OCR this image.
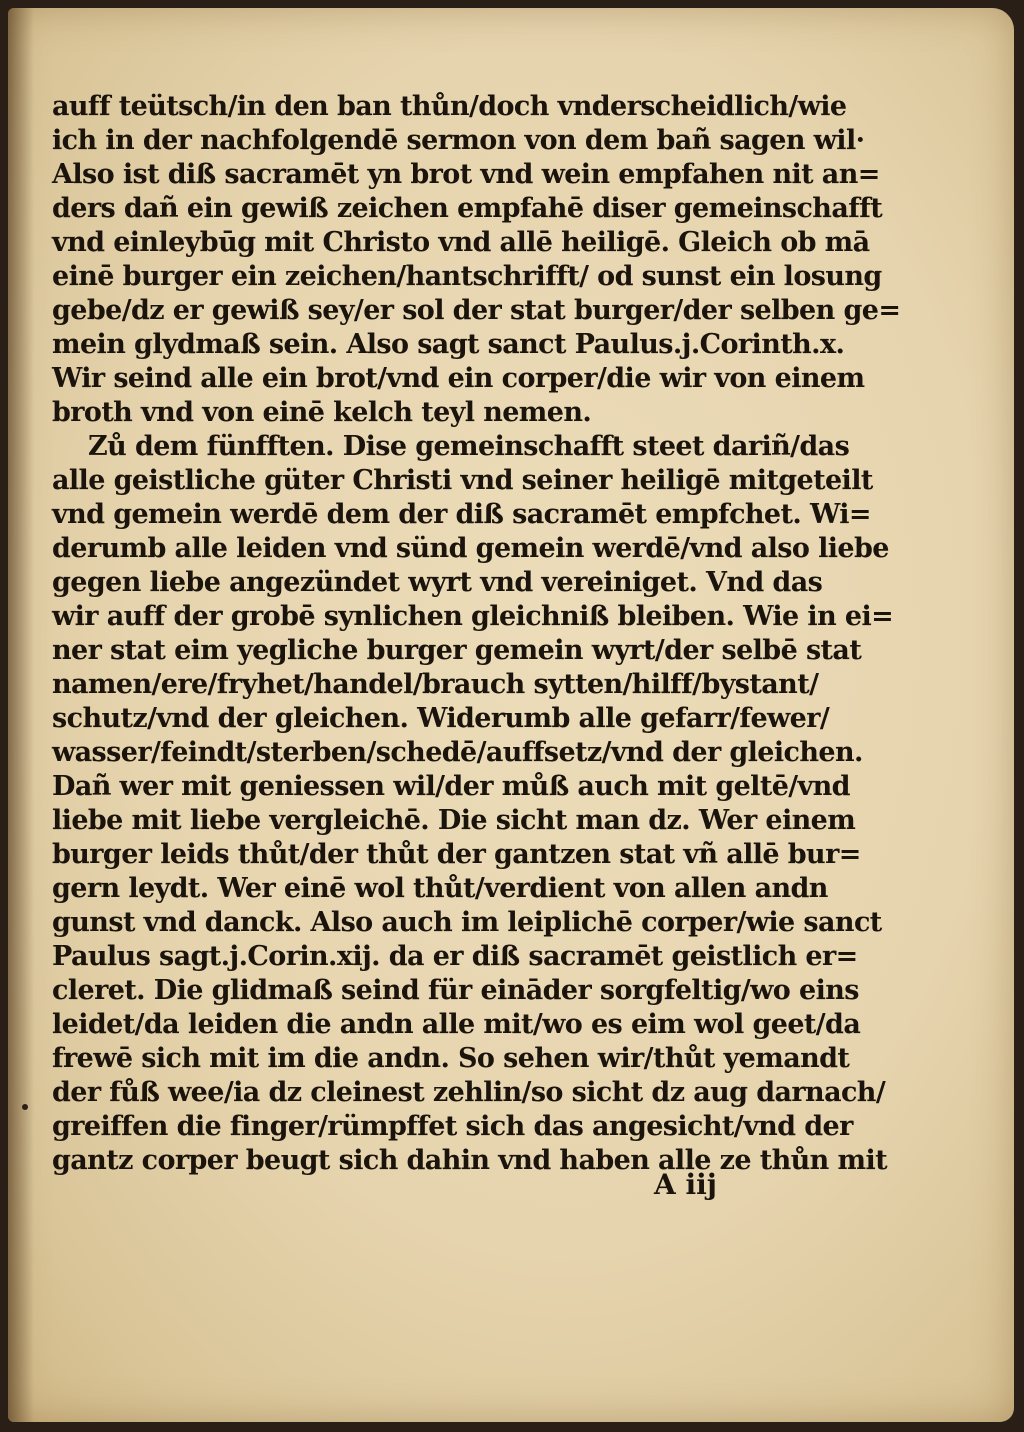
auff teütsch/in den ban thůn/doch vnderscheidlich/wie
ich in der nachfolgendē sermon von dem bañ sagen wil·
Also ist diß sacramēt yn brot vnd wein empfahen nit an=
ders dañ ein gewiß zeichen empfahē diser gemeinschafft
vnd einleybūg mit Christo vnd allē heiligē. Gleich ob mā
einē burger ein zeichen/hantschrifft/ od sunst ein losung
gebe/dz er gewiß sey/er sol der stat burger/der selben ge=
mein glydmaß sein. Also sagt sanct Paulus.j.Corinth.x.
Wir seind alle ein brot/vnd ein corper/die wir von einem
broth vnd von einē kelch teyl nemen.
Zů dem fünfften. Dise gemeinschafft steet dariñ/das
alle geistliche güter Christi vnd seiner heiligē mitgeteilt
vnd gemein werdē dem der diß sacramēt empfchet. Wi=
derumb alle leiden vnd sünd gemein werdē/vnd also liebe
gegen liebe angezündet wyrt vnd vereiniget. Vnd das
wir auff der grobē synlichen gleichniß bleiben. Wie in ei=
ner stat eim yegliche burger gemein wyrt/der selbē stat
namen/ere/fryhet/handel/brauch sytten/hilff/bystant/
schutz/vnd der gleichen. Widerumb alle gefarr/fewer/
wasser/feindt/sterben/schedē/auffsetz/vnd der gleichen.
Dañ wer mit geniessen wil/der můß auch mit geltē/vnd
liebe mit liebe vergleichē. Die sicht man dz. Wer einem
burger leids thůt/der thůt der gantzen stat vñ allē bur=
gern leydt. Wer einē wol thůt/verdient von allen andn
gunst vnd danck. Also auch im leiplichē corper/wie sanct
Paulus sagt.j.Corin.xij. da er diß sacramēt geistlich er=
cleret. Die glidmaß seind für eināder sorgfeltig/wo eins
leidet/da leiden die andn alle mit/wo es eim wol geet/da
frewē sich mit im die andn. So sehen wir/thůt yemandt
der fůß wee/ia dz cleinest zehlin/so sicht dz aug darnach/
greiffen die finger/rümpffet sich das angesicht/vnd der
gantz corper beugt sich dahin vnd haben alle ze thůn mit
A iij
